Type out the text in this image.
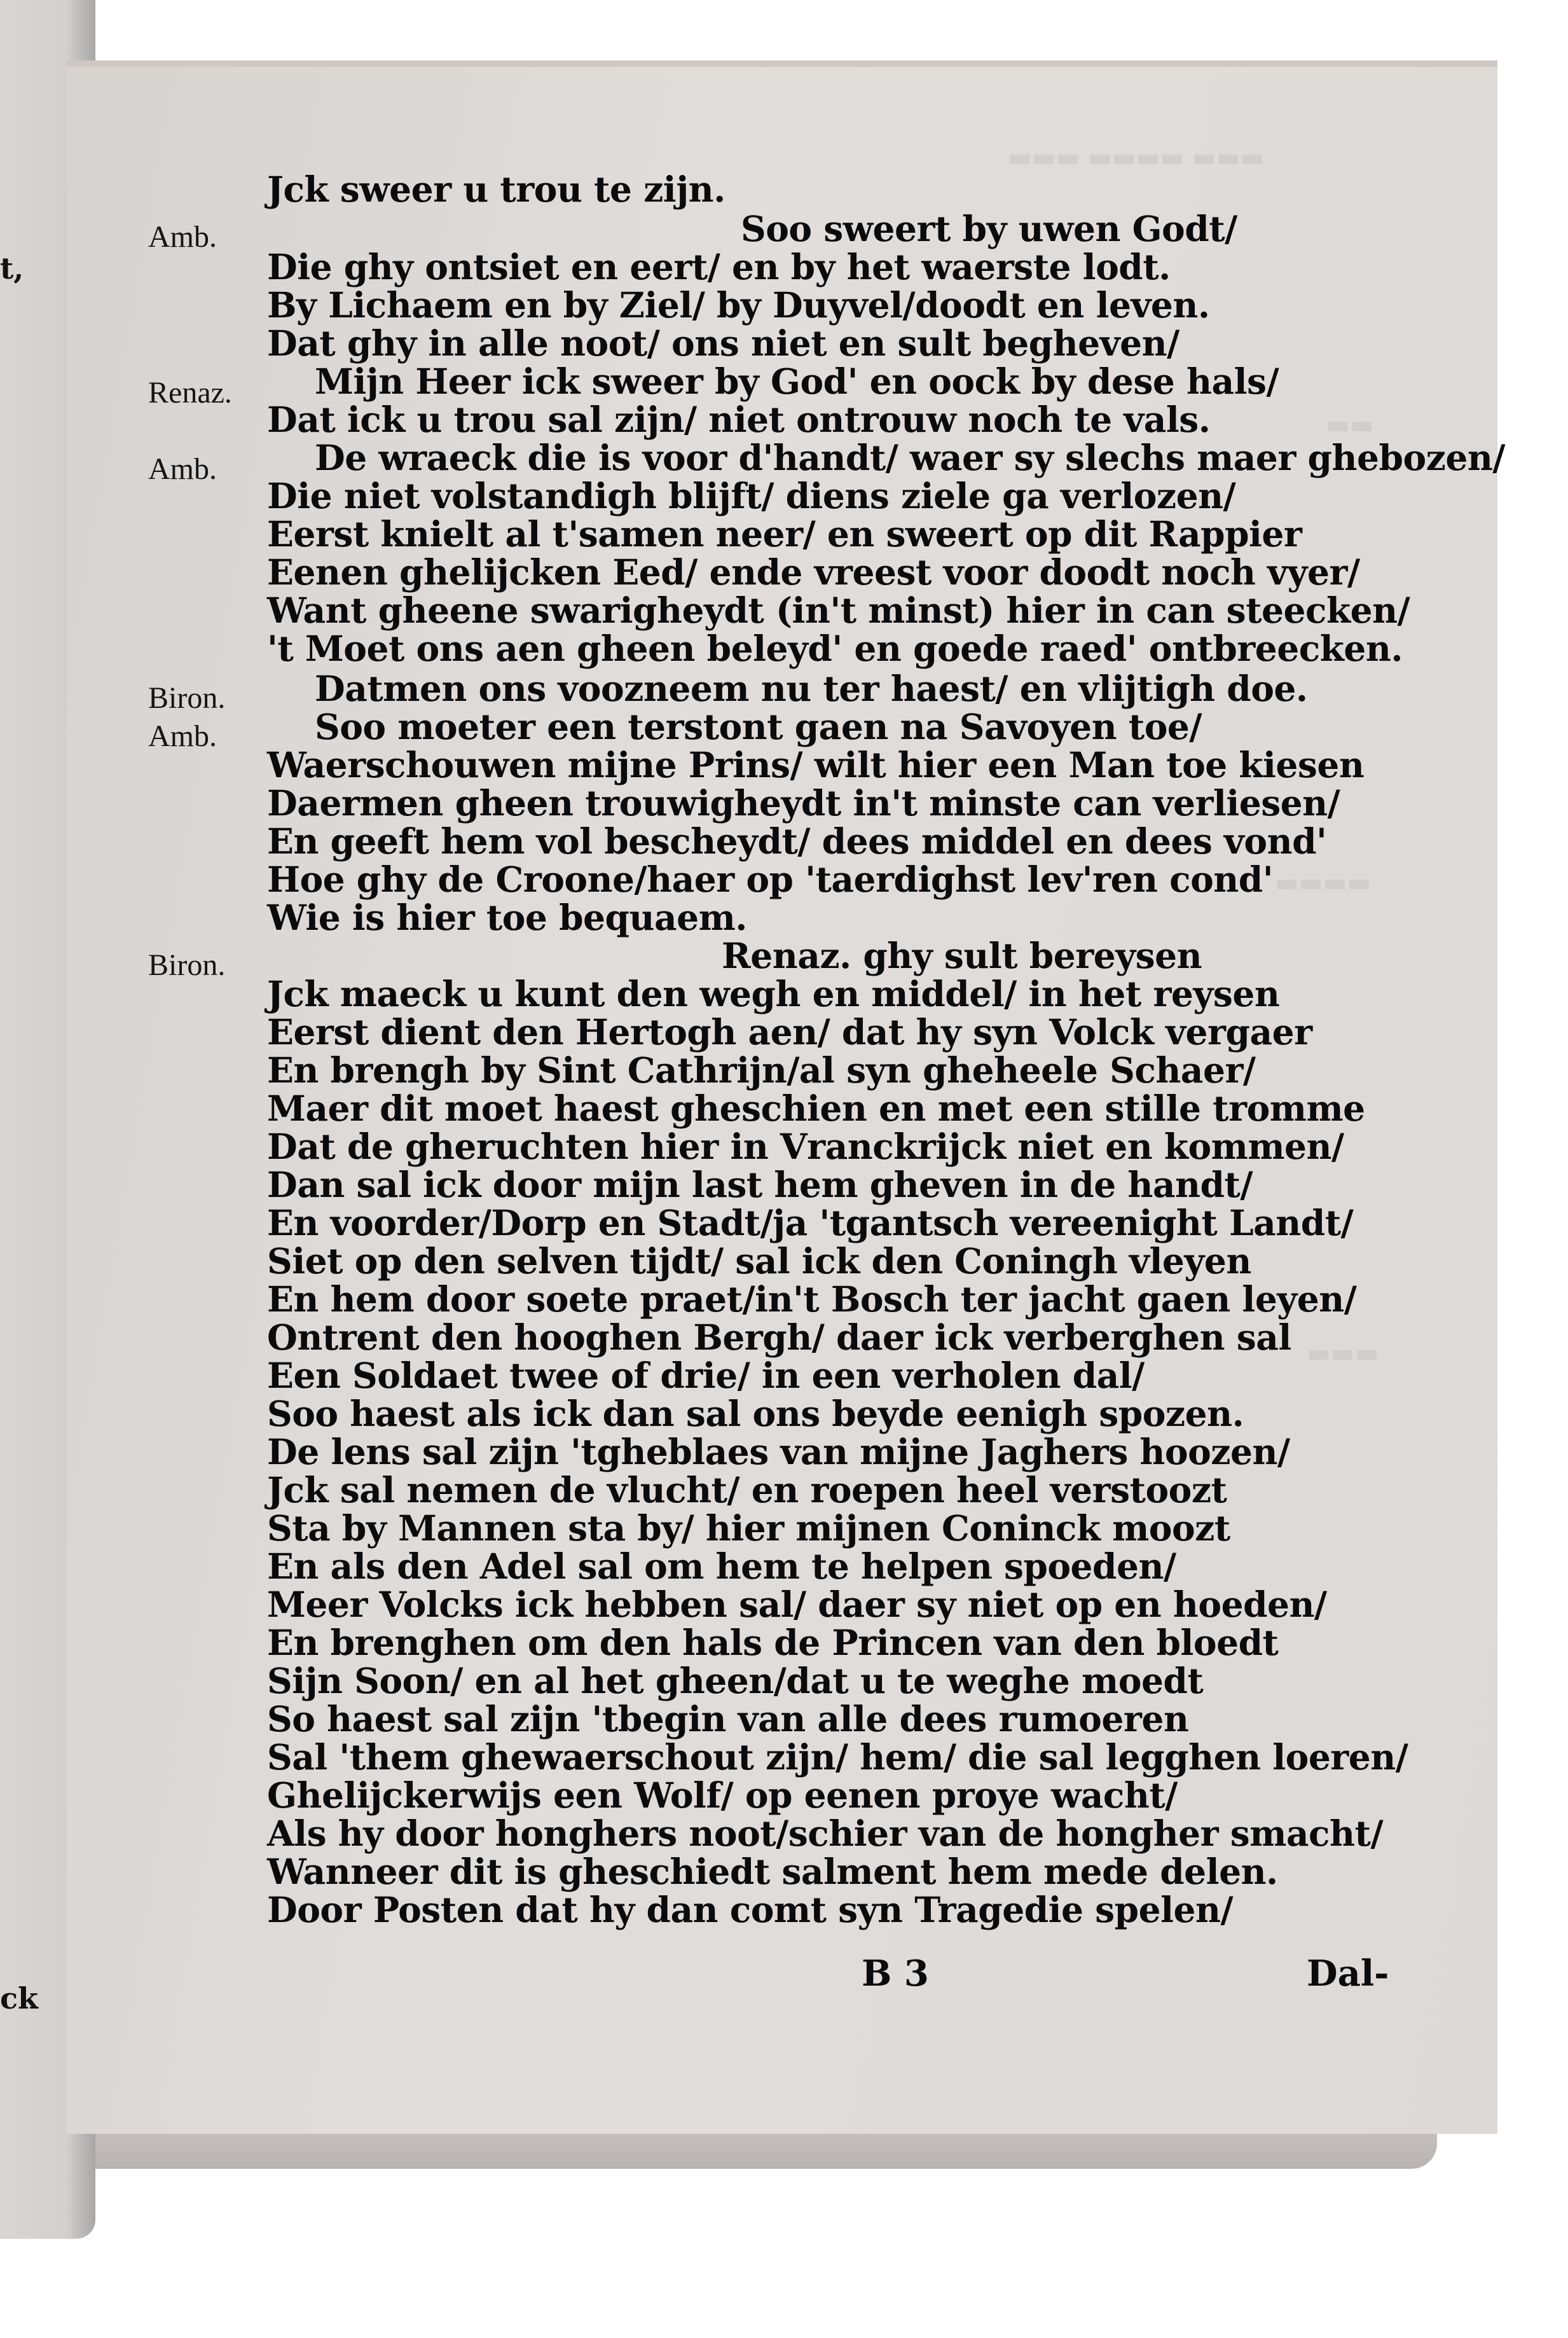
t,
ck
▬▬▬ ▬▬▬▬ ▬▬▬
▬▬
▬▬▬▬
▬▬▬
Amb.
Renaz.
Amb.
Biron.
Amb.
Biron.
Jck sweer u trou te zijn.
Soo sweert by uwen Godt/
Die ghy ontsiet en eert/ en by het waerste lodt.
By Lichaem en by Ziel/ by Duyvel/doodt en leven.
Dat ghy in alle noot/ ons niet en sult begheven/
Mijn Heer ick sweer by God' en oock by dese hals/
Dat ick u trou sal zijn/ niet ontrouw noch te vals.
De wraeck die is voor d'handt/ waer sy slechs maer ghebozen/
Die niet volstandigh blijft/ diens ziele ga verlozen/
Eerst knielt al t'samen neer/ en sweert op dit Rappier
Eenen ghelijcken Eed/ ende vreest voor doodt noch vyer/
Want gheene swarigheydt (in't minst) hier in can steecken/
't Moet ons aen gheen beleyd' en goede raed' ontbreecken.
Datmen ons voozneem nu ter haest/ en vlijtigh doe.
Soo moeter een terstont gaen na Savoyen toe/
Waerschouwen mijne Prins/ wilt hier een Man toe kiesen
Daermen gheen trouwigheydt in't minste can verliesen/
En geeft hem vol bescheydt/ dees middel en dees vond'
Hoe ghy de Croone/haer op 'taerdighst lev'ren cond'
Wie is hier toe bequaem.
Renaz. ghy sult bereysen
Jck maeck u kunt den wegh en middel/ in het reysen
Eerst dient den Hertogh aen/ dat hy syn Volck vergaer
En brengh by Sint Cathrijn/al syn gheheele Schaer/
Maer dit moet haest gheschien en met een stille tromme
Dat de gheruchten hier in Vranckrijck niet en kommen/
Dan sal ick door mijn last hem gheven in de handt/
En voorder/Dorp en Stadt/ja 'tgantsch vereenight Landt/
Siet op den selven tijdt/ sal ick den Coningh vleyen
En hem door soete praet/in't Bosch ter jacht gaen leyen/
Ontrent den hooghen Bergh/ daer ick verberghen sal
Een Soldaet twee of drie/ in een verholen dal/
Soo haest als ick dan sal ons beyde eenigh spozen.
De lens sal zijn 'tgheblaes van mijne Jaghers hoozen/
Jck sal nemen de vlucht/ en roepen heel verstoozt
Sta by Mannen sta by/ hier mijnen Coninck moozt
En als den Adel sal om hem te helpen spoeden/
Meer Volcks ick hebben sal/ daer sy niet op en hoeden/
En brenghen om den hals de Princen van den bloedt
Sijn Soon/ en al het gheen/dat u te weghe moedt
So haest sal zijn 'tbegin van alle dees rumoeren
Sal 'them ghewaerschout zijn/ hem/ die sal legghen loeren/
Ghelijckerwijs een Wolf/ op eenen proye wacht/
Als hy door honghers noot/schier van de hongher smacht/
Wanneer dit is gheschiedt salment hem mede delen.
Door Posten dat hy dan comt syn Tragedie spelen/
B 3	Dal-
